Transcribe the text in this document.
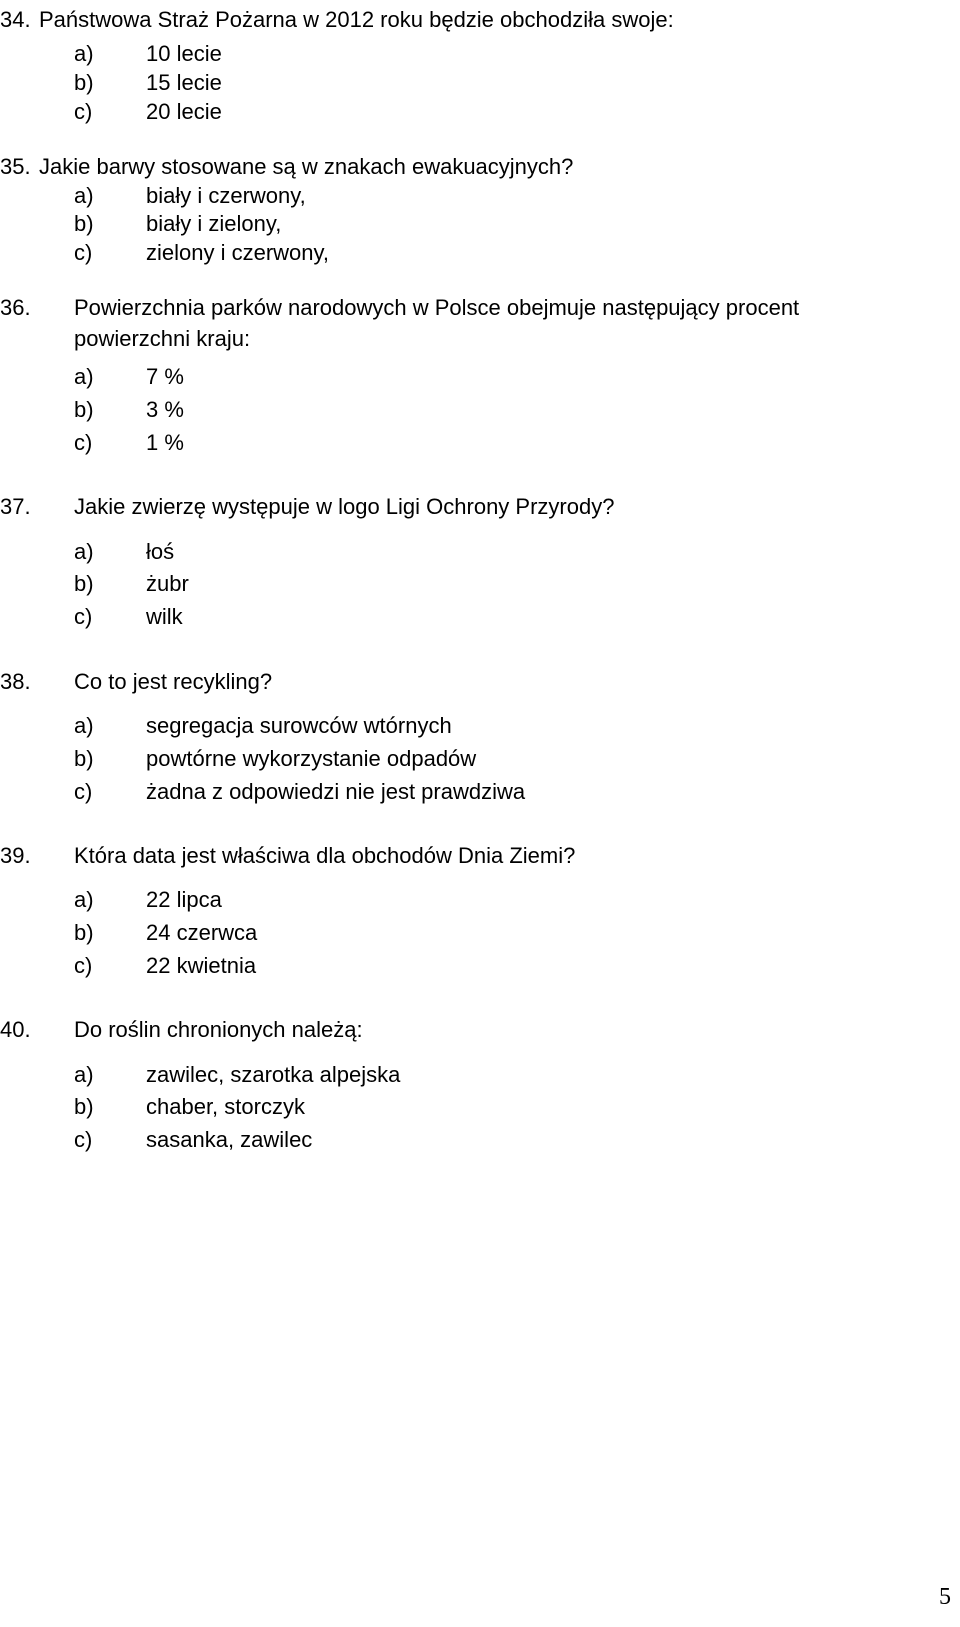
34. Państwowa Straż Pożarna w 2012 roku będzie obchodziła swoje:
a) 10 lecie
b) 15 lecie
c) 20 lecie
35. Jakie barwy stosowane są w znakach ewakuacyjnych?
a) biały i czerwony,
b) biały i zielony,
c) zielony i czerwony,
36. Powierzchnia parków narodowych w Polsce obejmuje następujący procent
powierzchni kraju:
a) 7 %
b) 3 %
c) 1 %
37. Jakie zwierzę występuje w logo Ligi Ochrony Przyrody?
a) łoś
b) żubr
c) wilk
38. Co to jest recykling?
a) segregacja surowców wtórnych
b) powtórne wykorzystanie odpadów
c) żadna z odpowiedzi nie jest prawdziwa
39. Która data jest właściwa dla obchodów Dnia Ziemi?
a) 22 lipca
b) 24 czerwca
c) 22 kwietnia
40. Do roślin chronionych należą:
a) zawilec, szarotka alpejska
b) chaber, storczyk
c) sasanka, zawilec
5
